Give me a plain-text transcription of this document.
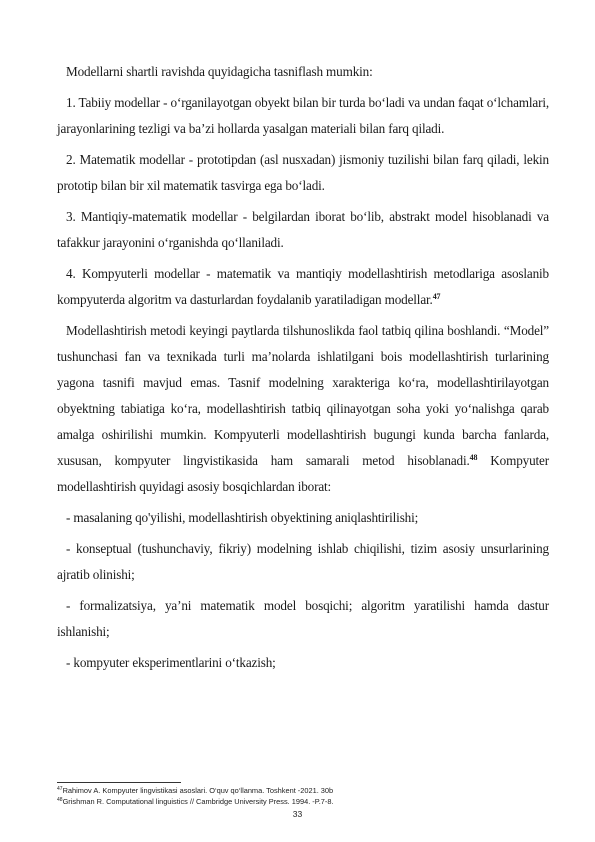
Modellarni shartli ravishda quyidagicha tasniflash mumkin:

1. Tabiiy modellar - o‘rganilayotgan obyekt bilan bir turda bo‘ladi va undan faqat o‘lchamlari, jarayonlarining tezligi va ba’zi hollarda yasalgan materiali bilan farq qiladi.

2. Matematik modellar - prototipdan (asl nusxadan) jismoniy tuzilishi bilan farq qiladi, lekin prototip bilan bir xil matematik tasvirga ega bo‘ladi.

3. Mantiqiy-matematik modellar - belgilardan iborat bo‘lib, abstrakt model hisoblanadi va tafakkur jarayonini o‘rganishda qo‘llaniladi.

4. Kompyuterli modellar - matematik va mantiqiy modellashtirish metodlariga asoslanib kompyuterda algoritm va dasturlardan foydalanib yaratiladigan modellar.$^{47}$

Modellashtirish metodi keyingi paytlarda tilshunoslikda faol tatbiq qilina boshlandi. “Model” tushunchasi fan va texnikada turli ma’nolarda ishlatilgani bois modellashtirish turlarining yagona tasnifi mavjud emas. Tasnif modelning xarakteriga ko‘ra, modellashtirilayotgan obyektning tabiatiga ko‘ra, modellashtirish tatbiq qilinayotgan soha yoki yo‘nalishga qarab amalga oshirilishi mumkin. Kompyuterli modellashtirish bugungi kunda barcha fanlarda, xususan, kompyuter lingvistikasida ham samarali metod hisoblanadi.$^{48}$ Kompyuter modellashtirish quyidagi asosiy bosqichlardan iborat:

- masalaning qo'yilishi, modellashtirish obyektining aniqlashtirilishi;

- konseptual (tushunchaviy, fikriy) modelning ishlab chiqilishi, tizim asosiy unsurlarining ajratib olinishi;

- formalizatsiya, ya’ni matematik model bosqichi; algoritm yaratilishi hamda dastur ishlanishi;

- kompyuter eksperimentlarini o‘tkazish;

$^{47}$Rahimov A. Kompyuter lingvistikasi asoslari. O‘quv qo‘llanma. Toshkent -2021. 30b

$^{48}$Grishman R. Computational linguistics // Cambridge University Press. 1994. -P.7-8.

33
